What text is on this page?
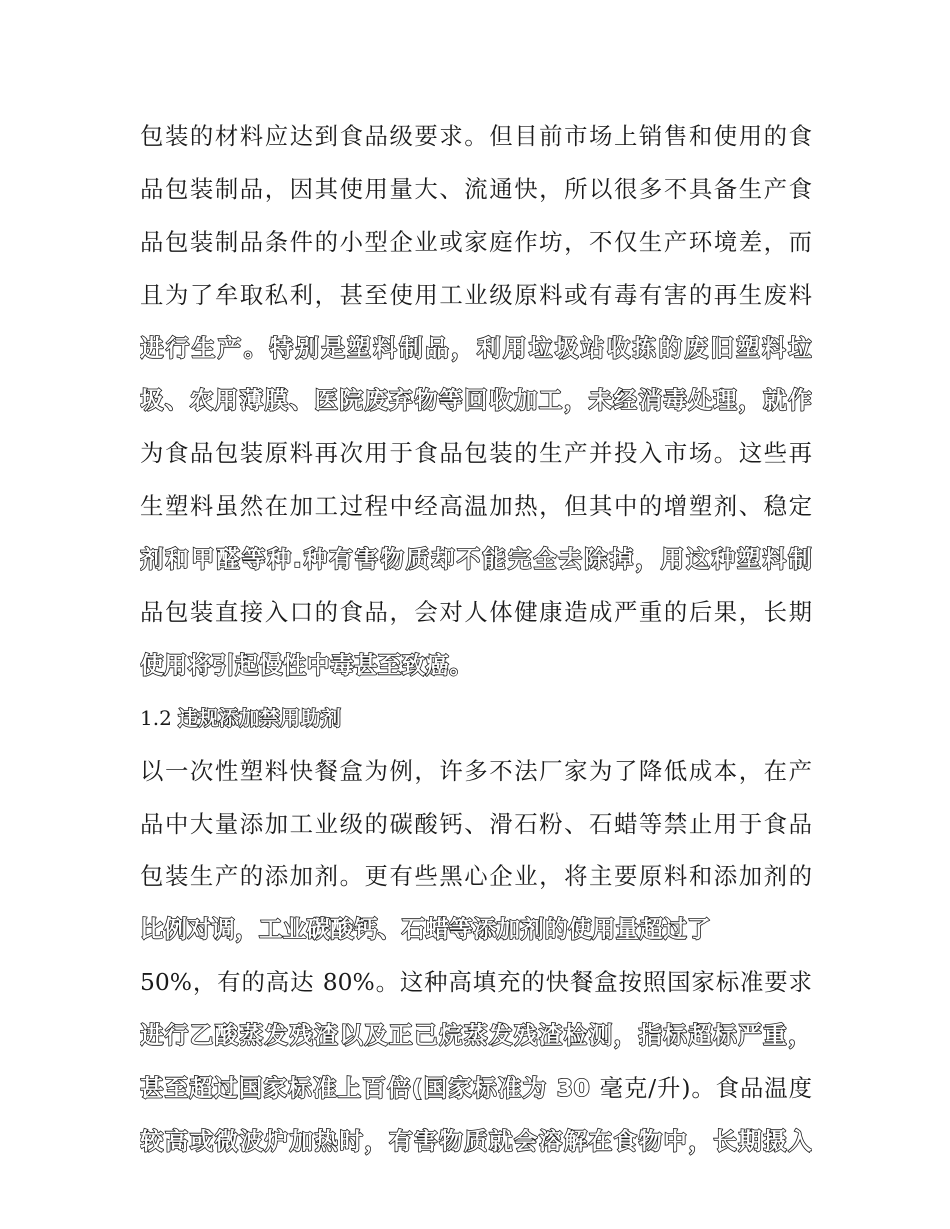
包装的材料应达到食品级要求。但目前市场上销售和使用的食
品包装制品，因其使用量大、流通快，所以很多不具备生产食
品包装制品条件的小型企业或家庭作坊，不仅生产环境差，而
且为了牟取私利，甚至使用工业级原料或有毒有害的再生废料
进行生产。特别是塑料制品，利用垃圾站收拣的废旧塑料垃
圾、农用薄膜、医院废弃物等回收加工，未经消毒处理，就作
为食品包装原料再次用于食品包装的生产并投入市场。这些再
生塑料虽然在加工过程中经高温加热，但其中的增塑剂、稳定
剂和甲醛等种.种有害物质却不能完全去除掉，用这种塑料制
品包装直接入口的食品，会对人体健康造成严重的后果，长期
使用将引起慢性中毒甚至致癌。
1.2 违规添加禁用助剂
以一次性塑料快餐盒为例，许多不法厂家为了降低成本，在产
品中大量添加工业级的碳酸钙、滑石粉、石蜡等禁止用于食品
包装生产的添加剂。更有些黑心企业，将主要原料和添加剂的
比例对调，工业碳酸钙、石蜡等添加剂的使用量超过了
50%，有的高达 80%。这种高填充的快餐盒按照国家标准要求
进行乙酸蒸发残渣以及正己烷蒸发残渣检测，指标超标严重，
甚至超过国家标准上百倍(国家标准为 30 毫克/升)。食品温度
较高或微波炉加热时，有害物质就会溶解在食物中，长期摄入
